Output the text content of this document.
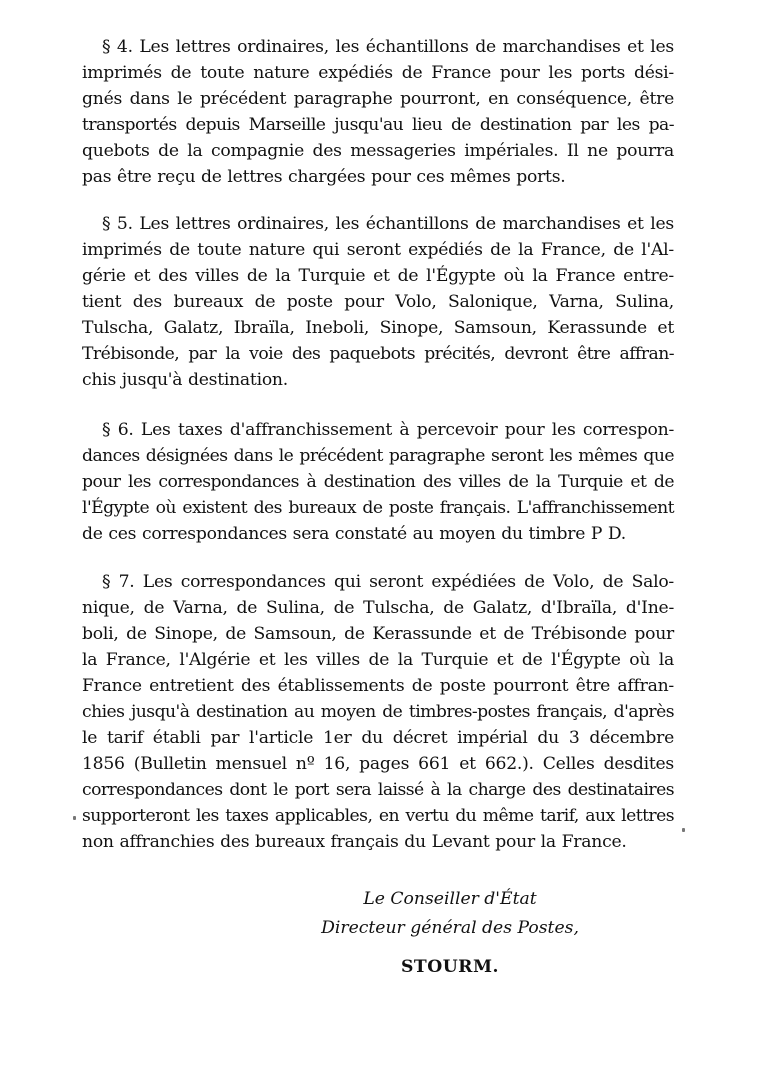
§ 4. Les lettres ordinaires, les échantillons de marchandises et les
imprimés de toute nature expédiés de France pour les ports dési-
gnés dans le précédent paragraphe pourront, en conséquence, être
transportés depuis Marseille jusqu'au lieu de destination par les pa-
quebots de la compagnie des messageries impériales. Il ne pourra
pas être reçu de lettres chargées pour ces mêmes ports.
§ 5. Les lettres ordinaires, les échantillons de marchandises et les
imprimés de toute nature qui seront expédiés de la France, de l'Al-
gérie et des villes de la Turquie et de l'Égypte où la France entre-
tient des bureaux de poste pour Volo, Salonique, Varna, Sulina,
Tulscha, Galatz, Ibraïla, Ineboli, Sinope, Samsoun, Kerassunde et
Trébisonde, par la voie des paquebots précités, devront être affran-
chis jusqu'à destination.
§ 6. Les taxes d'affranchissement à percevoir pour les correspon-
dances désignées dans le précédent paragraphe seront les mêmes que
pour les correspondances à destination des villes de la Turquie et de
l'Égypte où existent des bureaux de poste français. L'affranchissement
de ces correspondances sera constaté au moyen du timbre P D.
§ 7. Les correspondances qui seront expédiées de Volo, de Salo-
nique, de Varna, de Sulina, de Tulscha, de Galatz, d'Ibraïla, d'Ine-
boli, de Sinope, de Samsoun, de Kerassunde et de Trébisonde pour
la France, l'Algérie et les villes de la Turquie et de l'Égypte où la
France entretient des établissements de poste pourront être affran-
chies jusqu'à destination au moyen de timbres-postes français, d'après
le tarif établi par l'article 1er du décret impérial du 3 décembre
1856 (Bulletin mensuel nº 16, pages 661 et 662.). Celles desdites
correspondances dont le port sera laissé à la charge des destinataires
supporteront les taxes applicables, en vertu du même tarif, aux lettres
non affranchies des bureaux français du Levant pour la France.
Le Conseiller d'État
Directeur général des Postes,
STOURM.
